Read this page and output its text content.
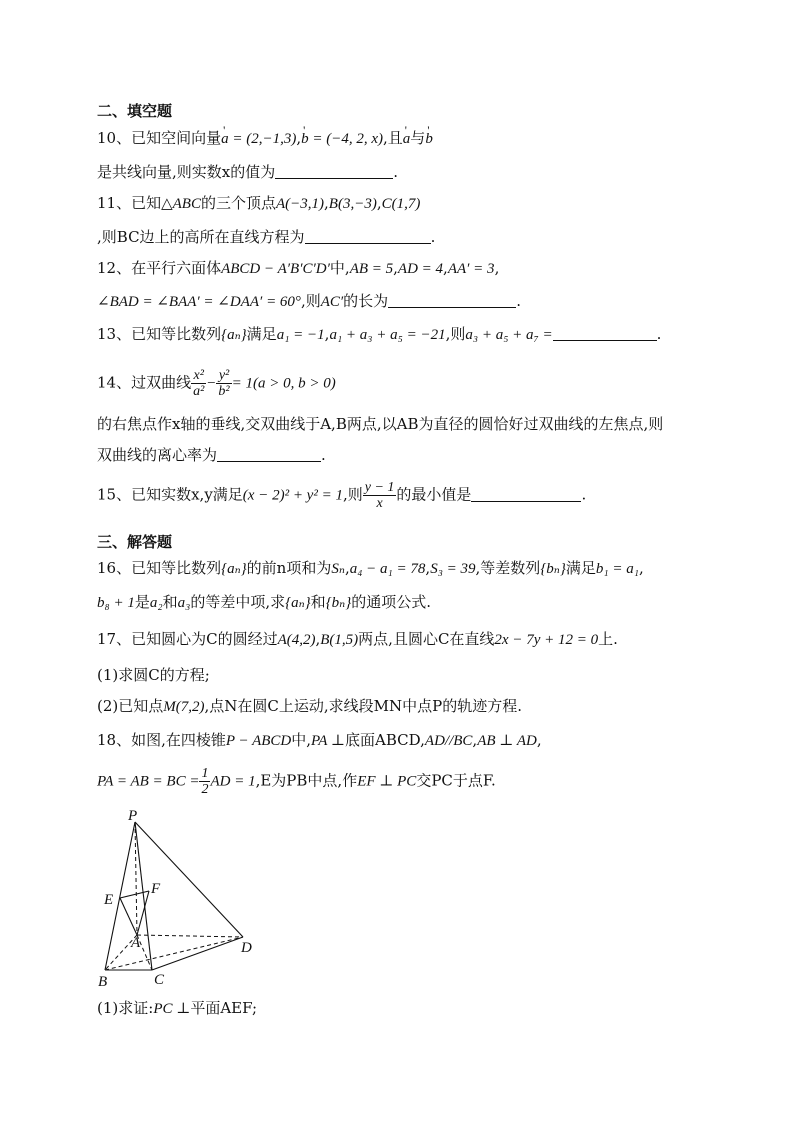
二、填空题
10、已知空间向量' a = (2,−1,3),' b = (−4, 2, x),且' a与' b
是共线向量,则实数x的值为	.
11、已知△ABC的三个顶点A(−3,1),B(3,−3),C(1,7)
,则BC边上的高所在直线方程为	.
12、在平行六面体ABCD − A′B′C′D′中,AB = 5,AD = 4,AA′ = 3,
∠BAD = ∠BAA′ = ∠DAA′ = 60°,则AC′的长为	.
13、已知等比数列{aₙ}满足a₁ = −1,a₁ + a₃ + a₅ = −21,则a₃ + a₅ + a₇ =	.
14、过双曲线 $\frac{\text{x²}}{\text{a²}} - \frac{\text{y²}}{\text{b²}} = 1(a > 0$, b > 0)
的右焦点作x轴的垂线,交双曲线于A,B两点,以AB为直径的圆恰好过双曲线的左焦点,则
双曲线的离心率为	.
15、已知实数x,y满足(x − 2)² + y² = 1,则 $\frac{y - 1}{x}$ 的最小值是	.
三、解答题
16、已知等比数列{aₙ}的前n项和为Sₙ,a₄ − a₁ = 78,S₃ = 39,等差数列{bₙ}满足b₁ = a₁,
b₈ + 1是a₂和a₃的等差中项,求{aₙ}和{bₙ}的通项公式.
17、已知圆心为C的圆经过A(4,2),B(1,5)两点,且圆心C在直线2x − 7y + 12 = 0上.
(1)求圆C的方程;
(2)已知点M(7,2),点N在圆C上运动,求线段MN中点P的轨迹方程.
18、如图,在四棱锥P − ABCD中,PA ⊥底面ABCD,AD//BC,AB ⊥ AD,
PA = AB = BC = $\frac{1}{2}$ AD = 1,E为PB中点,作EF ⊥ PC交PC于点F.
P
E
F
A
B	C
D
(1)求证:PC ⊥平面AEF;
